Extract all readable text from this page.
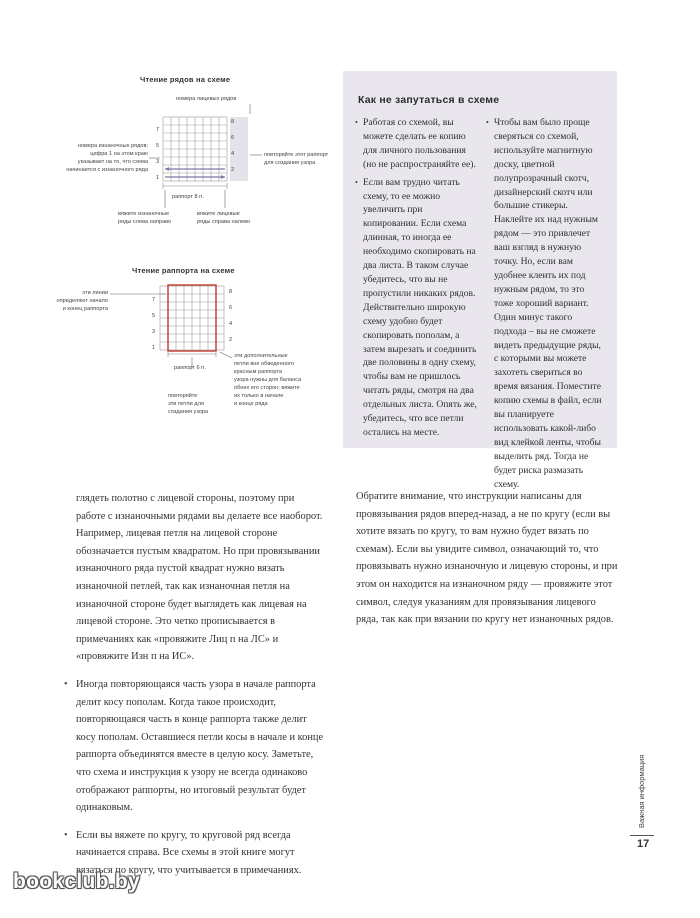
Чтение рядов на схеме
номера лицевых рядов
7
5
3
1
8
6
4
2
номера изнаночных рядов;
цифра 1 на этом краю
указывает на то, что схема
начинается с изнаночного ряда
повторяйте этот раппорт
для создания узора
раппорт 8 п.
вяжите изнаночные
ряды слева направо
вяжите лицевые
ряды справа налево
Чтение раппорта на схеме
7
5
3
1
8
6
4
2
эти линии
определяют начало
и конец раппорта
раппорт 6 п.
повторяйте
эти петли для
создания узора
эти дополнительные
петли вне обведенного
красным раппорта
узора нужны для баланса
обеих его сторон; вяжите
их только в начале
и конце ряда
Как не запутаться в схеме

• Работая со схемой, вы можете сделать ее копию для личного пользования (но не распространяйте ее).

• Если вам трудно читать схему, то ее можно увеличить при копировании. Если схема длинная, то иногда ее необходимо скопировать на два листа. В таком случае убедитесь, что вы не пропустили никаких рядов. Действительно широкую схему удобно будет скопировать пополам, а затем вырезать и соединить две половины в одну схему, чтобы вам не пришлось читать ряды, смотря на два отдельных листа. Опять же, убедитесь, что все петли остались на месте.

• Чтобы вам было проще сверяться со схемой, используйте магнитную доску, цветной полупрозрачный скотч, дизайнерский скотч или большие стикеры. Наклейте их над нужным рядом — это привлечет ваш взгляд в нужную точку. Но, если вам удобнее клеить их под нужным рядом, то это тоже хороший вариант. Один минус такого подхода – вы не сможете видеть предыдущие ряды, с которыми вы можете захотеть свериться во время вязания. Поместите копию схемы в файл, если вы планируете использовать какой-либо вид клейкой ленты, чтобы выделить ряд. Тогда не будет риска размазать схему.

глядеть полотно с лицевой стороны, поэтому при работе с изнаночными рядами вы делаете все наоборот. Например, лицевая петля на лицевой стороне обозначается пустым квадратом. Но при провязывании изнаночного ряда пустой квадрат нужно вязать изнаночной петлей, так как изнаночная петля на изнаночной стороне будет выглядеть как лицевая на лицевой стороне. Это четко прописывается в примечаниях как «провяжите Лиц п на ЛС» и «провяжите Изн п на ИС».

• Иногда повторяющаяся часть узора в начале раппорта делит косу пополам. Когда такое происходит, повторяющаяся часть в конце раппорта также делит косу пополам. Оставшиеся петли косы в начале и конце раппорта объединятся вместе в целую косу. Заметьте, что схема и инструкция к узору не всегда одинаково отображают раппорты, но итоговый результат будет одинаковым.

• Если вы вяжете по кругу, то круговой ряд всегда начинается справа. Все схемы в этой книге могут вязаться по кругу, что учитывается в примечаниях.

Обратите внимание, что инструкции написаны для провязывания рядов вперед-назад, а не по кругу (если вы хотите вязать по кругу, то вам нужно будет вязать по схемам). Если вы увидите символ, означающий то, что провязывать нужно изнаночную и лицевую стороны, и при этом он находится на изнаночном ряду — провяжите этот символ, следуя указаниям для провязывания лицевого ряда, так как при вязании по кругу нет изнаночных рядов.

Важная информация
17
bookclub.by
